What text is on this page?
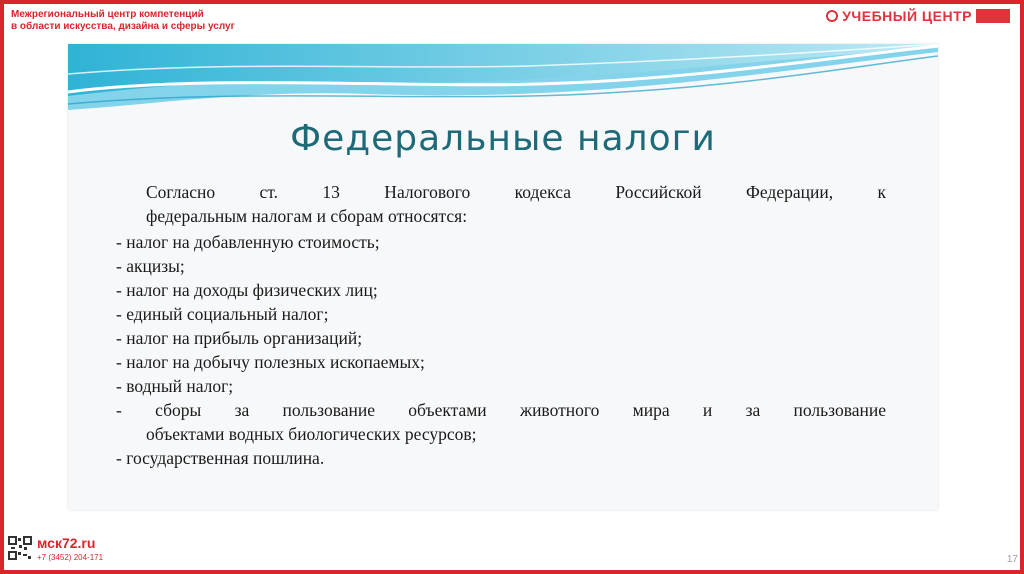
Межрегиональный центр компетенций
в области искусства, дизайна и сферы услуг
УЧЕБНЫЙ ЦЕНТР

Федеральные налоги
Согласно ст. 13 Налогового кодекса Российской Федерации, к
федеральным налогам и сборам относятся:
- налог на добавленную стоимость;
- акцизы;
- налог на доходы физических лиц;
- единый социальный налог;
- налог на прибыль организаций;
- налог на добычу полезных ископаемых;
- водный налог;
- сборы за пользование объектами животного мира и за пользование
объектами водных биологических ресурсов;
- государственная пошлина.
мск72.ru
+7 (3452) 204-171	17
